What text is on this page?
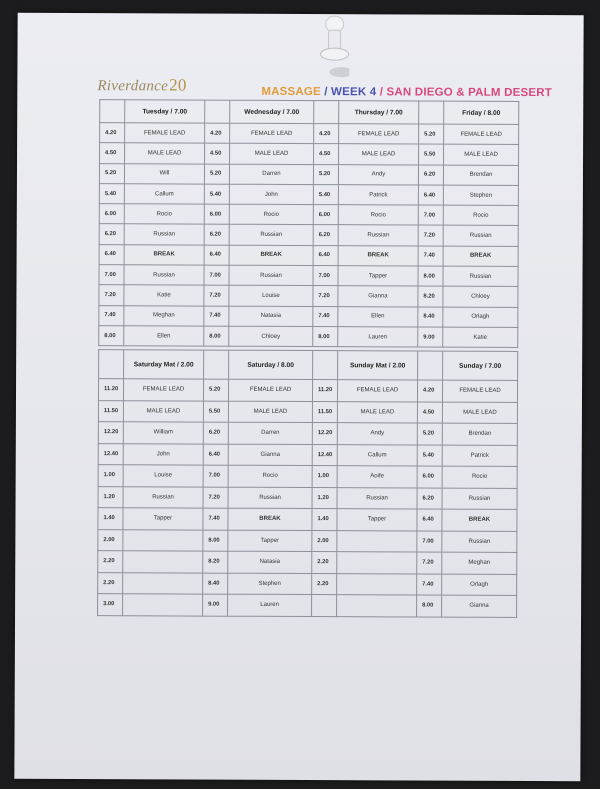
Riverdance20	MASSAGE / WEEK 4 / SAN DIEGO & PALM DESERT
	Tuesday / 7.00		Wednesday / 7.00		Thursday / 7.00		Friday / 8.00
4.20	FEMALE LEAD	4.20	FEMALE LEAD	4.20	FEMALE LEAD	5.20	FEMALE LEAD
4.50	MALE LEAD	4.50	MALE LEAD	4.50	MALE LEAD	5.50	MALE LEAD
5.20	Will	5.20	Darren	5.20	Andy	6.20	Brendan
5.40	Callum	5.40	John	5.40	Patrick	6.40	Stephen
6.00	Rocio	6.00	Rocio	6.00	Rocio	7.00	Rocio
6.20	Russian	6.20	Russian	6.20	Russian	7.20	Russian
6.40	BREAK	6.40	BREAK	6.40	BREAK	7.40	BREAK
7.00	Russian	7.00	Russian	7.00	Tapper	8.00	Russian
7.20	Katie	7.20	Louise	7.20	Gianna	8.20	Chloey
7.40	Meghan	7.40	Natasia	7.40	Ellen	8.40	Orlagh
8.00	Ellen	8.00	Chloey	8.00	Lauren	9.00	Katie
	Saturday Mat / 2.00		Saturday / 8.00		Sunday Mat / 2.00		Sunday / 7.00
11.20	FEMALE LEAD	5.20	FEMALE LEAD	11.20	FEMALE LEAD	4.20	FEMALE LEAD
11.50	MALE LEAD	5.50	MALE LEAD	11.50	MALE LEAD	4.50	MALE LEAD
12.20	William	6.20	Darren	12.20	Andy	5.20	Brendan
12.40	John	6.40	Gianna	12.40	Callum	5.40	Patrick
1.00	Louise	7.00	Rocio	1.00	Aoife	6.00	Rocio
1.20	Russian	7.20	Russian	1.20	Russian	6.20	Russian
1.40	Tapper	7.40	BREAK	1.40	Tapper	6.40	BREAK
2.00		8.00	Tapper	2.00		7.00	Russian
2.20		8.20	Natasia	2.20		7.20	Meghan
2.20		8.40	Stephen	2.20		7.40	Orlagh
3.00		9.00	Lauren			8.00	Gianna
